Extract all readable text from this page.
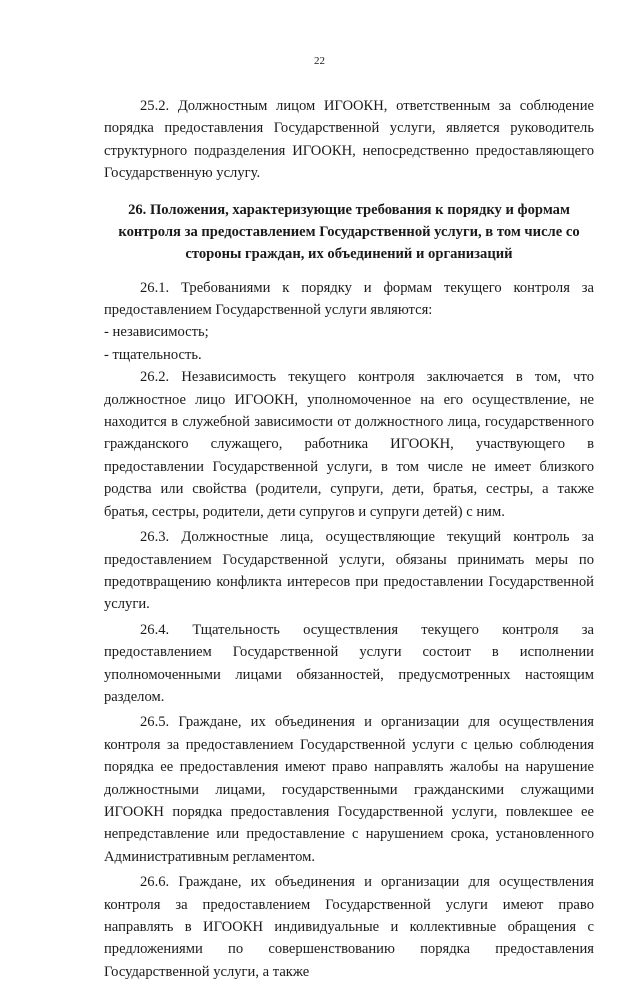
22

25.2. Должностным лицом ИГООКН, ответственным за соблюдение порядка предоставления Государственной услуги, является руководитель структурного подразделения ИГООКН, непосредственно предоставляющего Государственную услугу.

26. Положения, характеризующие требования к порядку и формам контроля за предоставлением Государственной услуги, в том числе со стороны граждан, их объединений и организаций

26.1. Требованиями к порядку и формам текущего контроля за предоставлением Государственной услуги являются:

- независимость;

- тщательность.

26.2. Независимость текущего контроля заключается в том, что должностное лицо ИГООКН, уполномоченное на его осуществление, не находится в служебной зависимости от должностного лица, государственного гражданского служащего, работника ИГООКН, участвующего в предоставлении Государственной услуги, в том числе не имеет близкого родства или свойства (родители, супруги, дети, братья, сестры, а также братья, сестры, родители, дети супругов и супруги детей) с ним.

26.3. Должностные лица, осуществляющие текущий контроль за предоставлением Государственной услуги, обязаны принимать меры по предотвращению конфликта интересов при предоставлении Государственной услуги.

26.4. Тщательность осуществления текущего контроля за предоставлением Государственной услуги состоит в исполнении уполномоченными лицами обязанностей, предусмотренных настоящим разделом.

26.5. Граждане, их объединения и организации для осуществления контроля за предоставлением Государственной услуги с целью соблюдения порядка ее предоставления имеют право направлять жалобы на нарушение должностными лицами, государственными гражданскими служащими ИГООКН порядка предоставления Государственной услуги, повлекшее ее непредставление или предоставление с нарушением срока, установленного Административным регламентом.

26.6. Граждане, их объединения и организации для осуществления контроля за предоставлением Государственной услуги имеют право направлять в ИГООКН индивидуальные и коллективные обращения с предложениями по совершенствованию порядка предоставления Государственной услуги, а также
